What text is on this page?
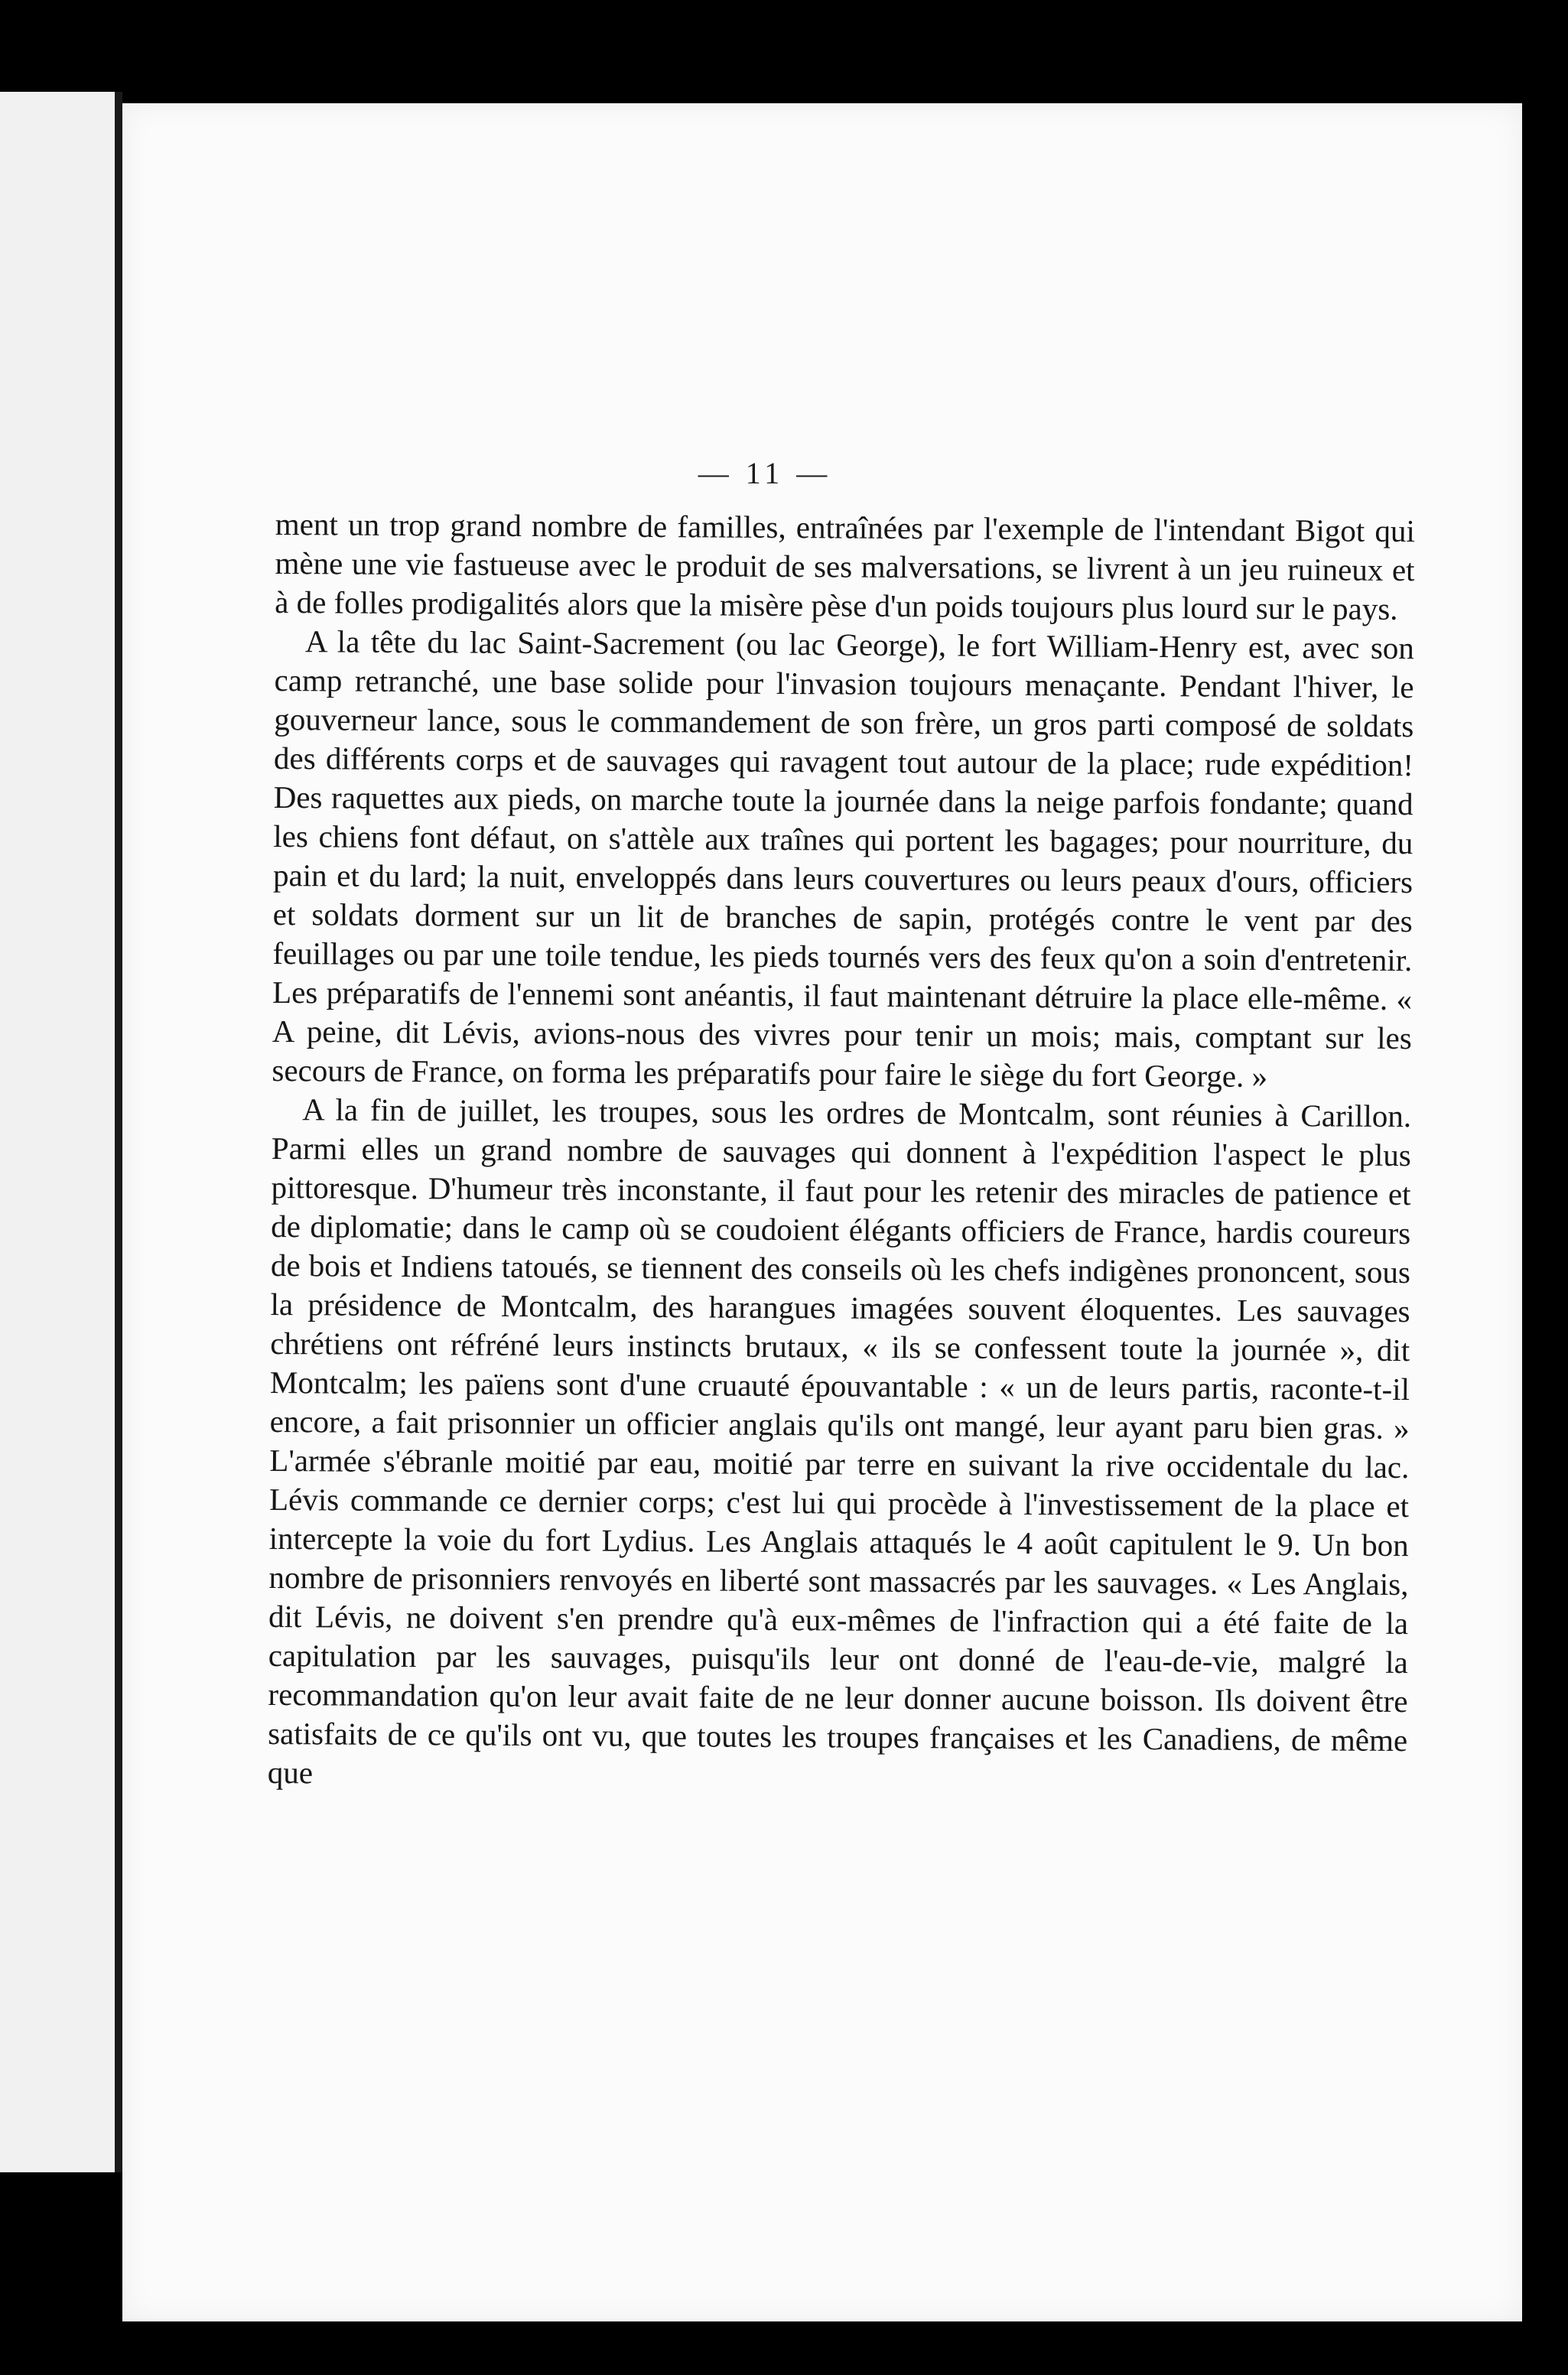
— 11 —

ment un trop grand nombre de familles, entraînées par l'exemple de l'intendant Bigot qui mène une vie fastueuse avec le produit de ses malversations, se livrent à un jeu ruineux et à de folles prodigalités alors que la misère pèse d'un poids toujours plus lourd sur le pays.

A la tête du lac Saint-Sacrement (ou lac George), le fort William-Henry est, avec son camp retranché, une base solide pour l'invasion toujours menaçante. Pendant l'hiver, le gouverneur lance, sous le commandement de son frère, un gros parti composé de soldats des différents corps et de sauvages qui ravagent tout autour de la place; rude expédition! Des raquettes aux pieds, on marche toute la journée dans la neige parfois fondante; quand les chiens font défaut, on s'attèle aux traînes qui portent les bagages; pour nourriture, du pain et du lard; la nuit, enveloppés dans leurs couvertures ou leurs peaux d'ours, officiers et soldats dorment sur un lit de branches de sapin, protégés contre le vent par des feuillages ou par une toile tendue, les pieds tournés vers des feux qu'on a soin d'entretenir. Les préparatifs de l'ennemi sont anéantis, il faut maintenant détruire la place elle-même. « A peine, dit Lévis, avions-nous des vivres pour tenir un mois; mais, comptant sur les secours de France, on forma les préparatifs pour faire le siège du fort George. »

A la fin de juillet, les troupes, sous les ordres de Montcalm, sont réunies à Carillon. Parmi elles un grand nombre de sauvages qui donnent à l'expédition l'aspect le plus pittoresque. D'humeur très inconstante, il faut pour les retenir des miracles de patience et de diplomatie; dans le camp où se coudoient élégants officiers de France, hardis coureurs de bois et Indiens tatoués, se tiennent des conseils où les chefs indigènes prononcent, sous la présidence de Montcalm, des harangues imagées souvent éloquentes. Les sauvages chrétiens ont réfréné leurs instincts brutaux, « ils se confessent toute la journée », dit Montcalm; les païens sont d'une cruauté épouvantable : « un de leurs partis, raconte-t-il encore, a fait prisonnier un officier anglais qu'ils ont mangé, leur ayant paru bien gras. » L'armée s'ébranle moitié par eau, moitié par terre en suivant la rive occidentale du lac. Lévis commande ce dernier corps; c'est lui qui procède à l'investissement de la place et intercepte la voie du fort Lydius. Les Anglais attaqués le 4 août capitulent le 9. Un bon nombre de prisonniers renvoyés en liberté sont massacrés par les sauvages. « Les Anglais, dit Lévis, ne doivent s'en prendre qu'à eux-mêmes de l'infraction qui a été faite de la capitulation par les sauvages, puisqu'ils leur ont donné de l'eau-de-vie, malgré la recommandation qu'on leur avait faite de ne leur donner aucune boisson. Ils doivent être satisfaits de ce qu'ils ont vu, que toutes les troupes françaises et les Canadiens, de même que
